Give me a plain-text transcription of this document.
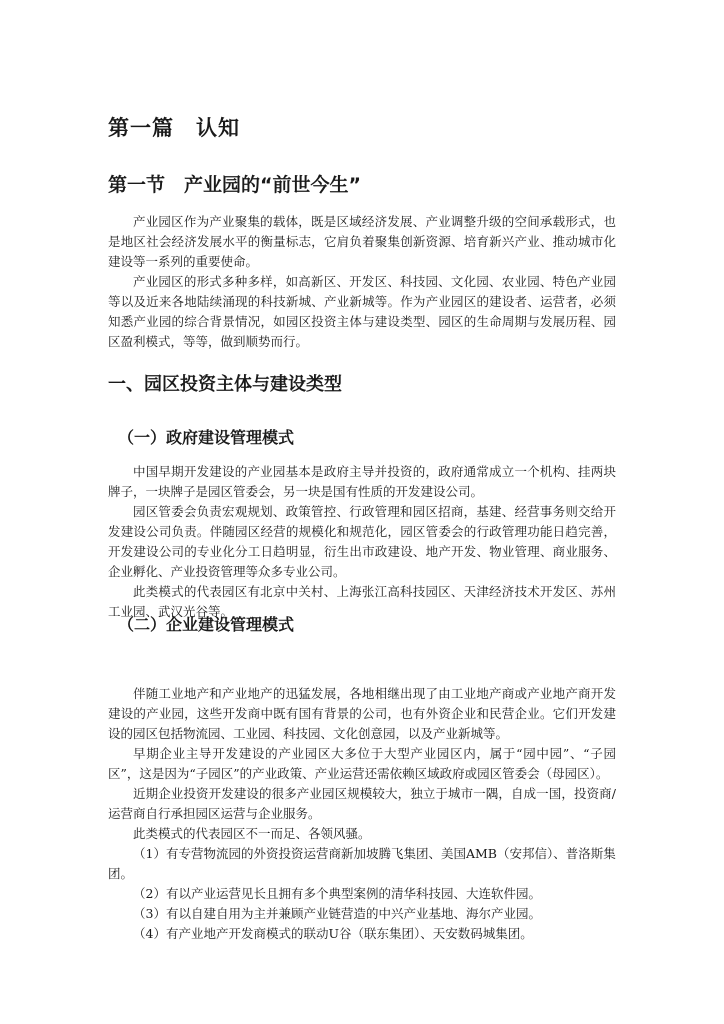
第一篇　认知
第一节　产业园的“前世今生”

产业园区作为产业聚集的载体，既是区域经济发展、产业调整升级的空间承载形式，也是地区社会经济发展水平的衡量标志，它肩负着聚集创新资源、培育新兴产业、推动城市化建设等一系列的重要使命。

产业园区的形式多种多样，如高新区、开发区、科技园、文化园、农业园、特色产业园等以及近来各地陆续涌现的科技新城、产业新城等。作为产业园区的建设者、运营者，必须知悉产业园的综合背景情况，如园区投资主体与建设类型、园区的生命周期与发展历程、园区盈利模式，等等，做到顺势而行。

一、园区投资主体与建设类型
（一）政府建设管理模式

中国早期开发建设的产业园基本是政府主导并投资的，政府通常成立一个机构、挂两块牌子，一块牌子是园区管委会，另一块是国有性质的开发建设公司。

园区管委会负责宏观规划、政策管控、行政管理和园区招商，基建、经营事务则交给开发建设公司负责。伴随园区经营的规模化和规范化，园区管委会的行政管理功能日趋完善，开发建设公司的专业化分工日趋明显，衍生出市政建设、地产开发、物业管理、商业服务、企业孵化、产业投资管理等众多专业公司。

此类模式的代表园区有北京中关村、上海张江高科技园区、天津经济技术开发区、苏州工业园、武汉光谷等。

（二）企业建设管理模式

伴随工业地产和产业地产的迅猛发展，各地相继出现了由工业地产商或产业地产商开发建设的产业园，这些开发商中既有国有背景的公司，也有外资企业和民营企业。它们开发建设的园区包括物流园、工业园、科技园、文化创意园，以及产业新城等。

早期企业主导开发建设的产业园区大多位于大型产业园区内，属于“园中园”、“子园区”，这是因为“子园区”的产业政策、产业运营还需依赖区域政府或园区管委会（母园区）。

近期企业投资开发建设的很多产业园区规模较大，独立于城市一隅，自成一国，投资商/运营商自行承担园区运营与企业服务。

此类模式的代表园区不一而足、各领风骚。

（1）有专营物流园的外资投资运营商新加坡腾飞集团、美国AMB（安邦信）、普洛斯集团。

（2）有以产业运营见长且拥有多个典型案例的清华科技园、大连软件园。

（3）有以自建自用为主并兼顾产业链营造的中兴产业基地、海尔产业园。

（4）有产业地产开发商模式的联动U谷（联东集团）、天安数码城集团。
